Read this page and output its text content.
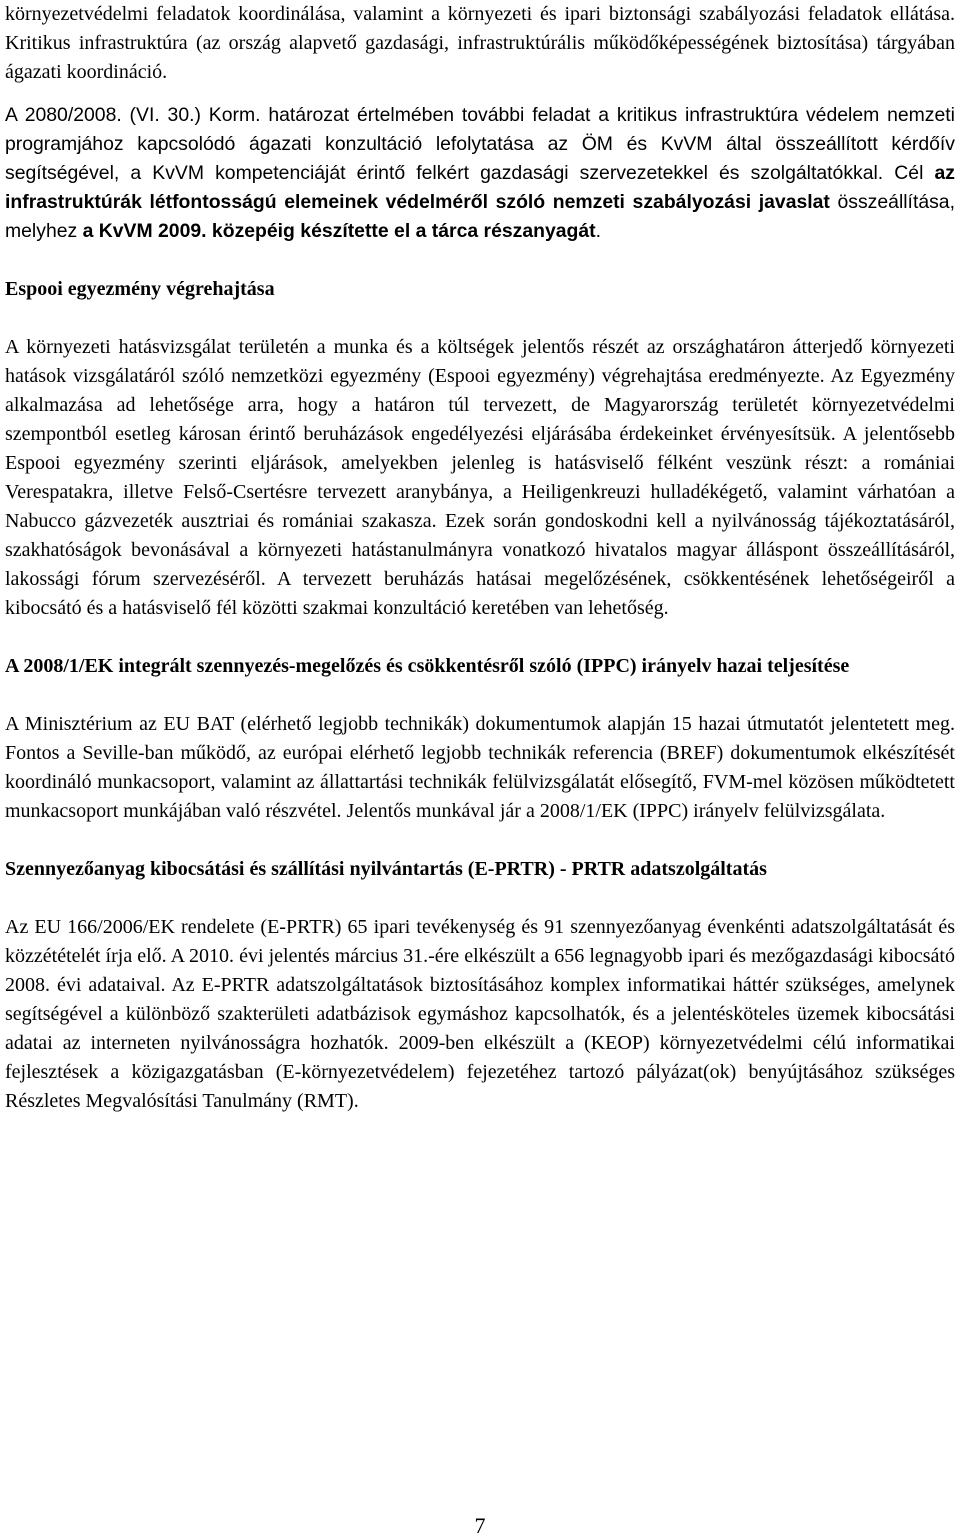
környezetvédelmi feladatok koordinálása, valamint a környezeti és ipari biztonsági szabályozási feladatok ellátása. Kritikus infrastruktúra (az ország alapvető gazdasági, infrastruktúrális működőképességének biztosítása) tárgyában ágazati koordináció.

A 2080/2008. (VI. 30.) Korm. határozat értelmében további feladat a kritikus infrastruktúra védelem nemzeti programjához kapcsolódó ágazati konzultáció lefolytatása az ÖM és KvVM által összeállított kérdőív segítségével, a KvVM kompetenciáját érintő felkért gazdasági szervezetekkel és szolgáltatókkal. Cél az infrastruktúrák létfontosságú elemeinek védelméről szóló nemzeti szabályozási javaslat összeállítása, melyhez a KvVM 2009. közepéig készítette el a tárca részanyagát.

Espooi egyezmény végrehajtása

A környezeti hatásvizsgálat területén a munka és a költségek jelentős részét az országhatáron átterjedő környezeti hatások vizsgálatáról szóló nemzetközi egyezmény (Espooi egyezmény) végrehajtása eredményezte. Az Egyezmény alkalmazása ad lehetősége arra, hogy a határon túl tervezett, de Magyarország területét környezetvédelmi szempontból esetleg károsan érintő beruházások engedélyezési eljárásába érdekeinket érvényesítsük. A jelentősebb Espooi egyezmény szerinti eljárások, amelyekben jelenleg is hatásviselő félként veszünk részt: a romániai Verespatakra, illetve Felső-Csertésre tervezett aranybánya, a Heiligenkreuzi hulladékégető, valamint várhatóan a Nabucco gázvezeték ausztriai és romániai szakasza. Ezek során gondoskodni kell a nyilvánosság tájékoztatásáról, szakhatóságok bevonásával a környezeti hatástanulmányra vonatkozó hivatalos magyar álláspont összeállításáról, lakossági fórum szervezéséről. A tervezett beruházás hatásai megelőzésének, csökkentésének lehetőségeiről a kibocsátó és a hatásviselő fél közötti szakmai konzultáció keretében van lehetőség.

A 2008/1/EK integrált szennyezés-megelőzés és csökkentésről szóló (IPPC) irányelv hazai teljesítése

A Minisztérium az EU BAT (elérhető legjobb technikák) dokumentumok alapján 15 hazai útmutatót jelentetett meg. Fontos a Seville-ban működő, az európai elérhető legjobb technikák referencia (BREF) dokumentumok elkészítését koordináló munkacsoport, valamint az állattartási technikák felülvizsgálatát elősegítő, FVM-mel közösen működtetett munkacsoport munkájában való részvétel. Jelentős munkával jár a 2008/1/EK (IPPC) irányelv felülvizsgálata.

Szennyezőanyag kibocsátási és szállítási nyilvántartás (E-PRTR) - PRTR adatszolgáltatás

Az EU 166/2006/EK rendelete (E-PRTR) 65 ipari tevékenység és 91 szennyezőanyag évenkénti adatszolgáltatását és közzétételét írja elő. A 2010. évi jelentés március 31.-ére elkészült a 656 legnagyobb ipari és mezőgazdasági kibocsátó 2008. évi adataival. Az E-PRTR adatszolgáltatások biztosításához komplex informatikai háttér szükséges, amelynek segítségével a különböző szakterületi adatbázisok egymáshoz kapcsolhatók, és a jelentésköteles üzemek kibocsátási adatai az interneten nyilvánosságra hozhatók. 2009-ben elkészült a (KEOP) környezetvédelmi célú informatikai fejlesztések a közigazgatásban (E-környezetvédelem) fejezetéhez tartozó pályázat(ok) benyújtásához szükséges Részletes Megvalósítási Tanulmány (RMT).

7
